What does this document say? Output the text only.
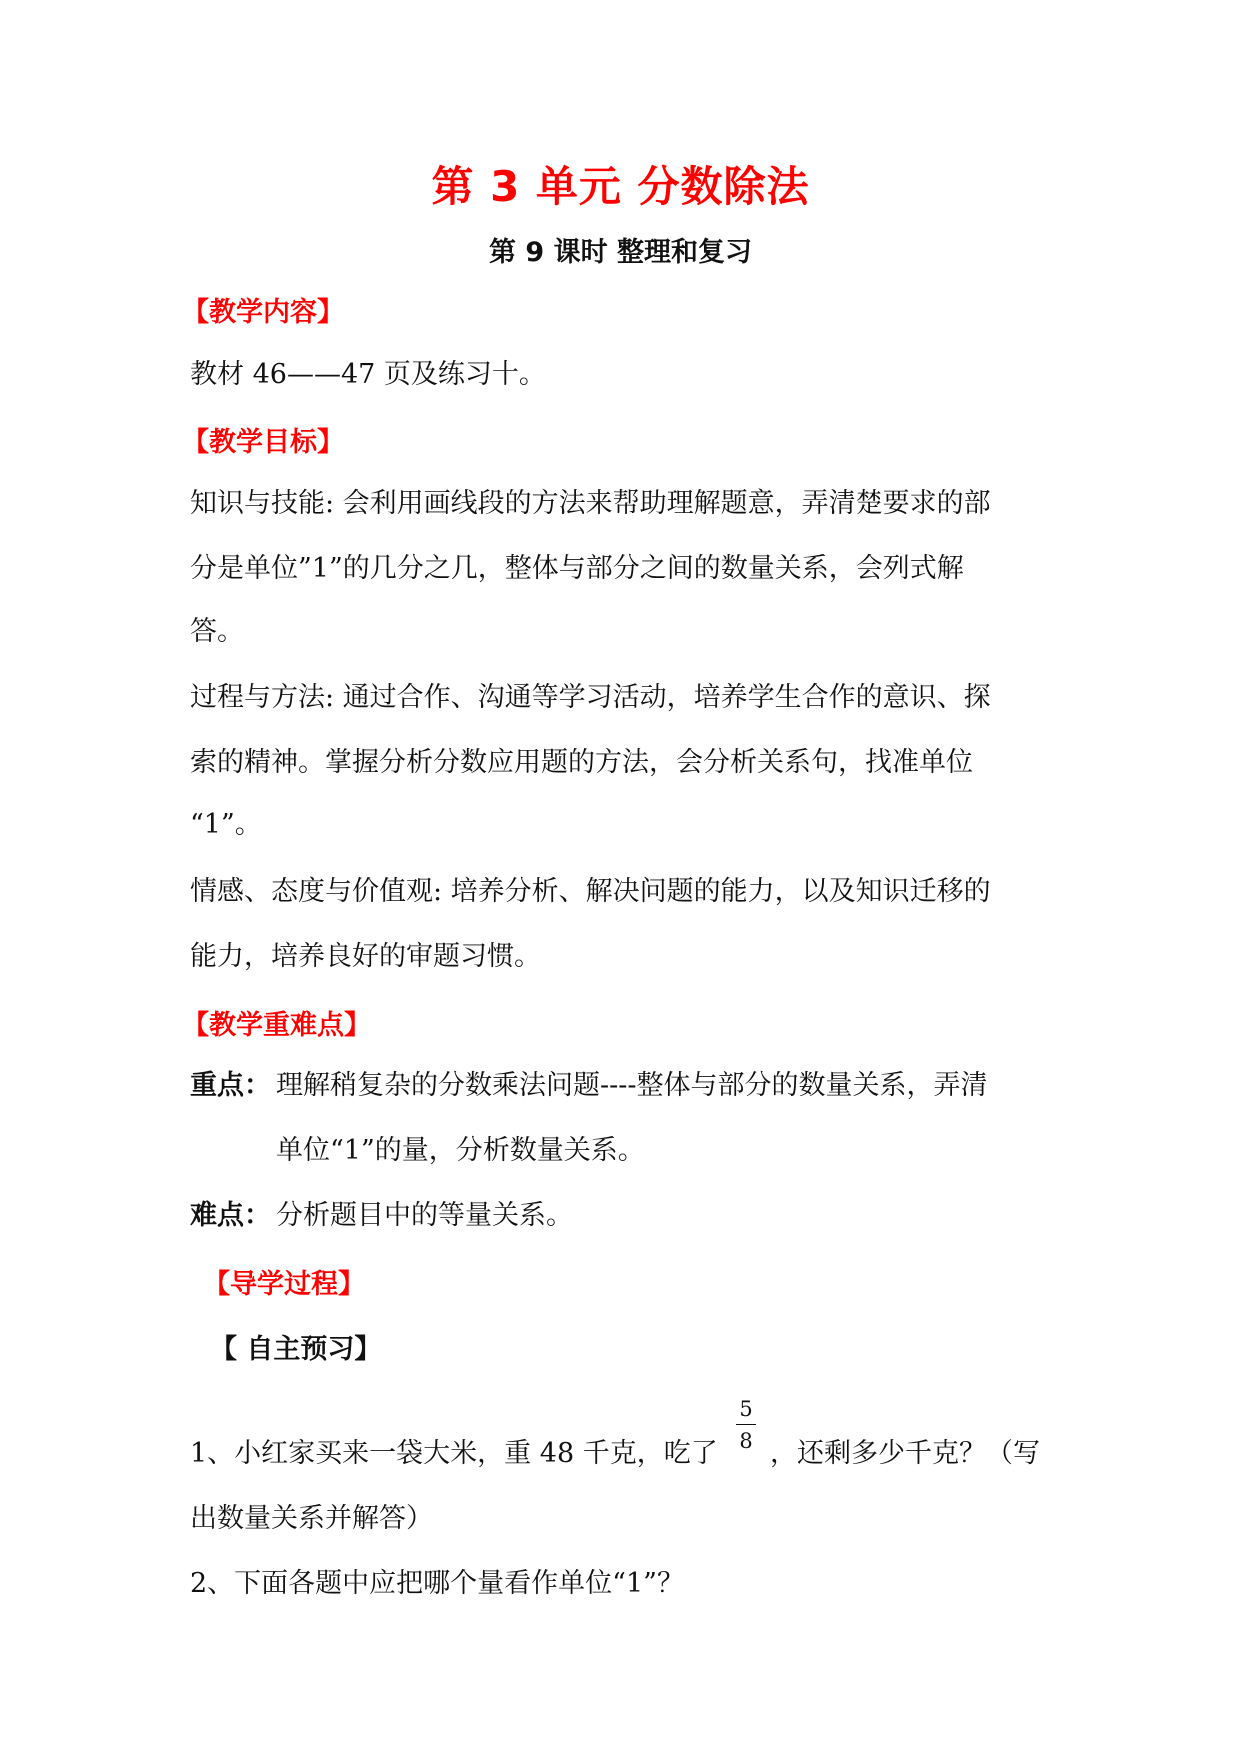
第 3 单元 分数除法
第 9 课时 整理和复习
【教学内容】
教材 46——47 页及练习十。
【教学目标】
知识与技能: 会利用画线段的方法来帮助理解题意，弄清楚要求的部
分是单位”1”的几分之几，整体与部分之间的数量关系，会列式解
答。
过程与方法: 通过合作、沟通等学习活动，培养学生合作的意识、探
索的精神。掌握分析分数应用题的方法，会分析关系句，找准单位
“1”。
情感、态度与价值观: 培养分析、解决问题的能力，以及知识迁移的
能力，培养良好的审题习惯。
【教学重难点】
重点： 理解稍复杂的分数乘法问题----整体与部分的数量关系，弄清
单位“1”的量，分析数量关系。
难点： 分析题目中的等量关系。
【导学过程】
【 自主预习】
1、小红家买来一袋大米，重 48 千克，吃了
5
8 ，还剩多少千克？（写
出数量关系并解答）
2、下面各题中应把哪个量看作单位“1”？
